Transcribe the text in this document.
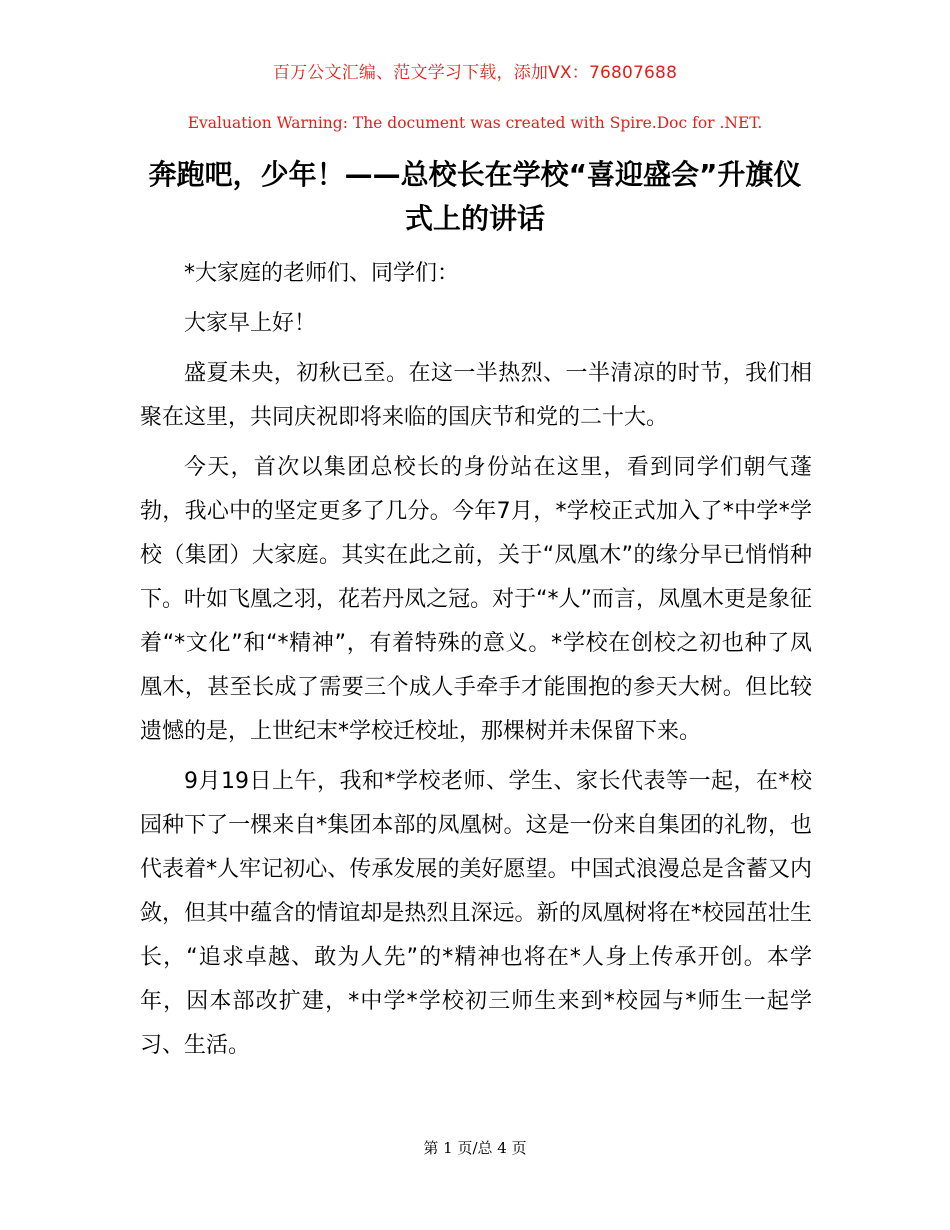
百万公文汇编、范文学习下载，添加VX：76807688
Evaluation Warning: The document was created with Spire.Doc for .NET.
奔跑吧，少年！——总校长在学校“喜迎盛会”升旗仪式上的讲话

*大家庭的老师们、同学们：

大家早上好！

盛夏未央，初秋已至。在这一半热烈、一半清凉的时节，我们相聚在这里，共同庆祝即将来临的国庆节和党的二十大。

今天，首次以集团总校长的身份站在这里，看到同学们朝气蓬勃，我心中的坚定更多了几分。今年7月，*学校正式加入了*中学*学校（集团）大家庭。其实在此之前，关于“凤凰木”的缘分早已悄悄种下。叶如飞凰之羽，花若丹凤之冠。对于“*人”而言，凤凰木更是象征着“*文化”和“*精神”，有着特殊的意义。*学校在创校之初也种了凤凰木，甚至长成了需要三个成人手牵手才能围抱的参天大树。但比较遗憾的是，上世纪末*学校迁校址，那棵树并未保留下来。

9月19日上午，我和*学校老师、学生、家长代表等一起，在*校园种下了一棵来自*集团本部的凤凰树。这是一份来自集团的礼物，也代表着*人牢记初心、传承发展的美好愿望。中国式浪漫总是含蓄又内敛，但其中蕴含的情谊却是热烈且深远。新的凤凰树将在*校园茁壮生长，“追求卓越、敢为人先”的*精神也将在*人身上传承开创。本学年，因本部改扩建，*中学*学校初三师生来到*校园与*师生一起学习、生活。

第 1 页/总 4 页
